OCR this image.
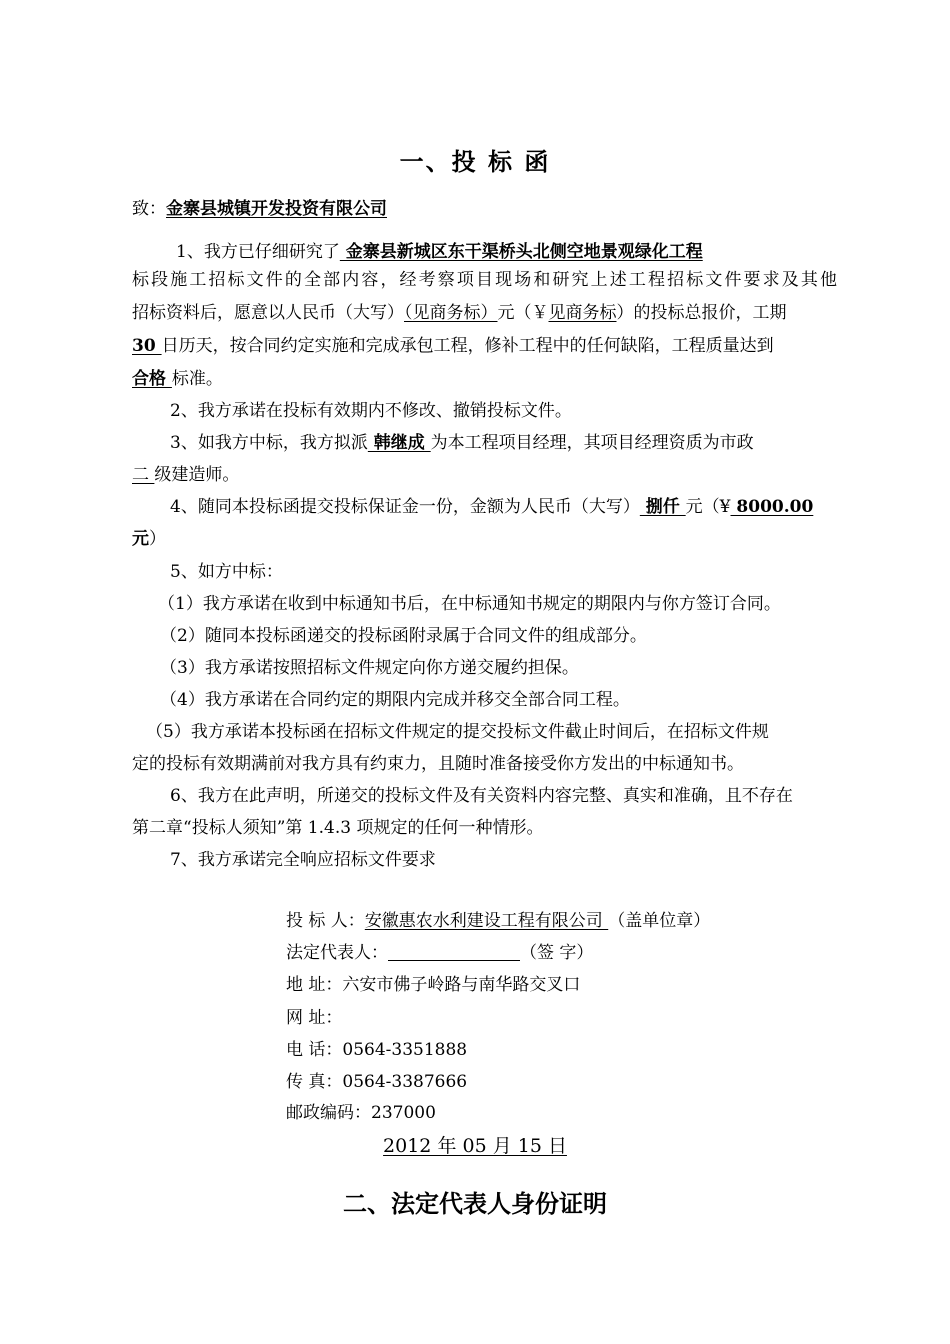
一、投 标 函
致：金寨县城镇开发投资有限公司
1、我方已仔细研究了 金寨县新城区东干渠桥头北侧空地景观绿化工程
标段施工招标文件的全部内容，经考察项目现场和研究上述工程招标文件要求及其他
招标资料后，愿意以人民币（大写）（见商务标）元（￥见商务标）的投标总报价，工期
30 日历天，按合同约定实施和完成承包工程，修补工程中的任何缺陷，工程质量达到
合格 标准。
2、我方承诺在投标有效期内不修改、撤销投标文件。
3、如我方中标，我方拟派 韩继成 为本工程项目经理，其项目经理资质为市政
二 级建造师。
4、随同本投标函提交投标保证金一份，金额为人民币（大写） 捌仟 元（¥ 8000.00
元）
5、如方中标：
（1）我方承诺在收到中标通知书后，在中标通知书规定的期限内与你方签订合同。
（2）随同本投标函递交的投标函附录属于合同文件的组成部分。
（3）我方承诺按照招标文件规定向你方递交履约担保。
（4）我方承诺在合同约定的期限内完成并移交全部合同工程。
（5）我方承诺本投标函在招标文件规定的提交投标文件截止时间后，在招标文件规
定的投标有效期满前对我方具有约束力，且随时准备接受你方发出的中标通知书。
6、我方在此声明，所递交的投标文件及有关资料内容完整、真实和准确，且不存在
第二章“投标人须知”第 1.4.3 项规定的任何一种情形。
7、我方承诺完全响应招标文件要求
投 标 人：安徽惠农水利建设工程有限公司 （盖单位章）
法定代表人：	（签 字）
地 址：六安市佛子岭路与南华路交叉口
网 址：
电 话：0564-3351888
传 真：0564-3387666
邮政编码：237000
2012 年 05 月 15 日
二、法定代表人身份证明
